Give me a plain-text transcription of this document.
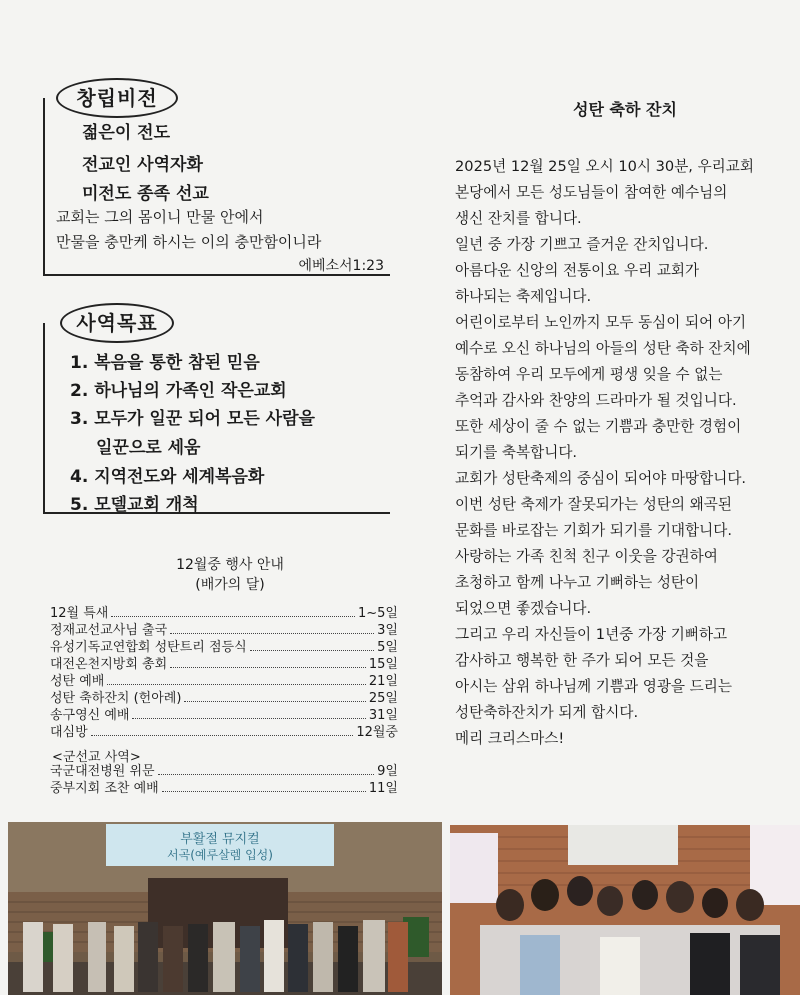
창립비전
젊은이 전도
전교인 사역자화
미전도 종족 선교
교회는 그의 몸이니 만물 안에서
만물을 충만케 하시는 이의 충만함이니라
에베소서1:23
사역목표
1. 복음을 통한 참된 믿음
2. 하나님의 가족인 작은교회
3. 모두가 일꾼 되어 모든 사람을
일꾼으로 세움
4. 지역전도와 세계복음화
5. 모델교회 개척
12월중 행사 안내
(배가의 달)
12월 특새	1~5일
정재교선교사님 출국	3일
유성기독교연합회 성탄트리 점등식	5일
대전온천지방회 총회	15일
성탄 예배	21일
성탄 축하잔치 (헌아례)	25일
송구영신 예배	31일
대심방	12월중
<군선교 사역>
국군대전병원 위문	9일
중부지회 조찬 예배	11일
성탄 축하 잔치
2025년 12월 25일 오시 10시 30분, 우리교회
본당에서 모든 성도님들이 참여한 예수님의
생신 잔치를 합니다.
일년 중 가장 기쁘고 즐거운 잔치입니다.
아름다운 신앙의 전통이요 우리 교회가
하나되는 축제입니다.
어린이로부터 노인까지 모두 동심이 되어 아기
예수로 오신 하나님의 아들의 성탄 축하 잔치에
동참하여 우리 모두에게 평생 잊을 수 없는
추억과 감사와 찬양의 드라마가 될 것입니다.
또한 세상이 줄 수 없는 기쁨과 충만한 경험이
되기를 축복합니다.
교회가 성탄축제의 중심이 되어야 마땅합니다.
이번 성탄 축제가 잘못되가는 성탄의 왜곡된
문화를 바로잡는 기회가 되기를 기대합니다.
사랑하는 가족 친척 친구 이웃을 강권하여
초청하고 함께 나누고 기뻐하는 성탄이
되었으면 좋겠습니다.
그리고 우리 자신들이 1년중 가장 기뻐하고
감사하고 행복한 한 주가 되어 모든 것을
아시는 삼위 하나님께 기쁨과 영광을 드리는
성탄축하잔치가 되게 합시다.
메리 크리스마스!
부활절 뮤지컬
서곡(예루살렘 입성)
